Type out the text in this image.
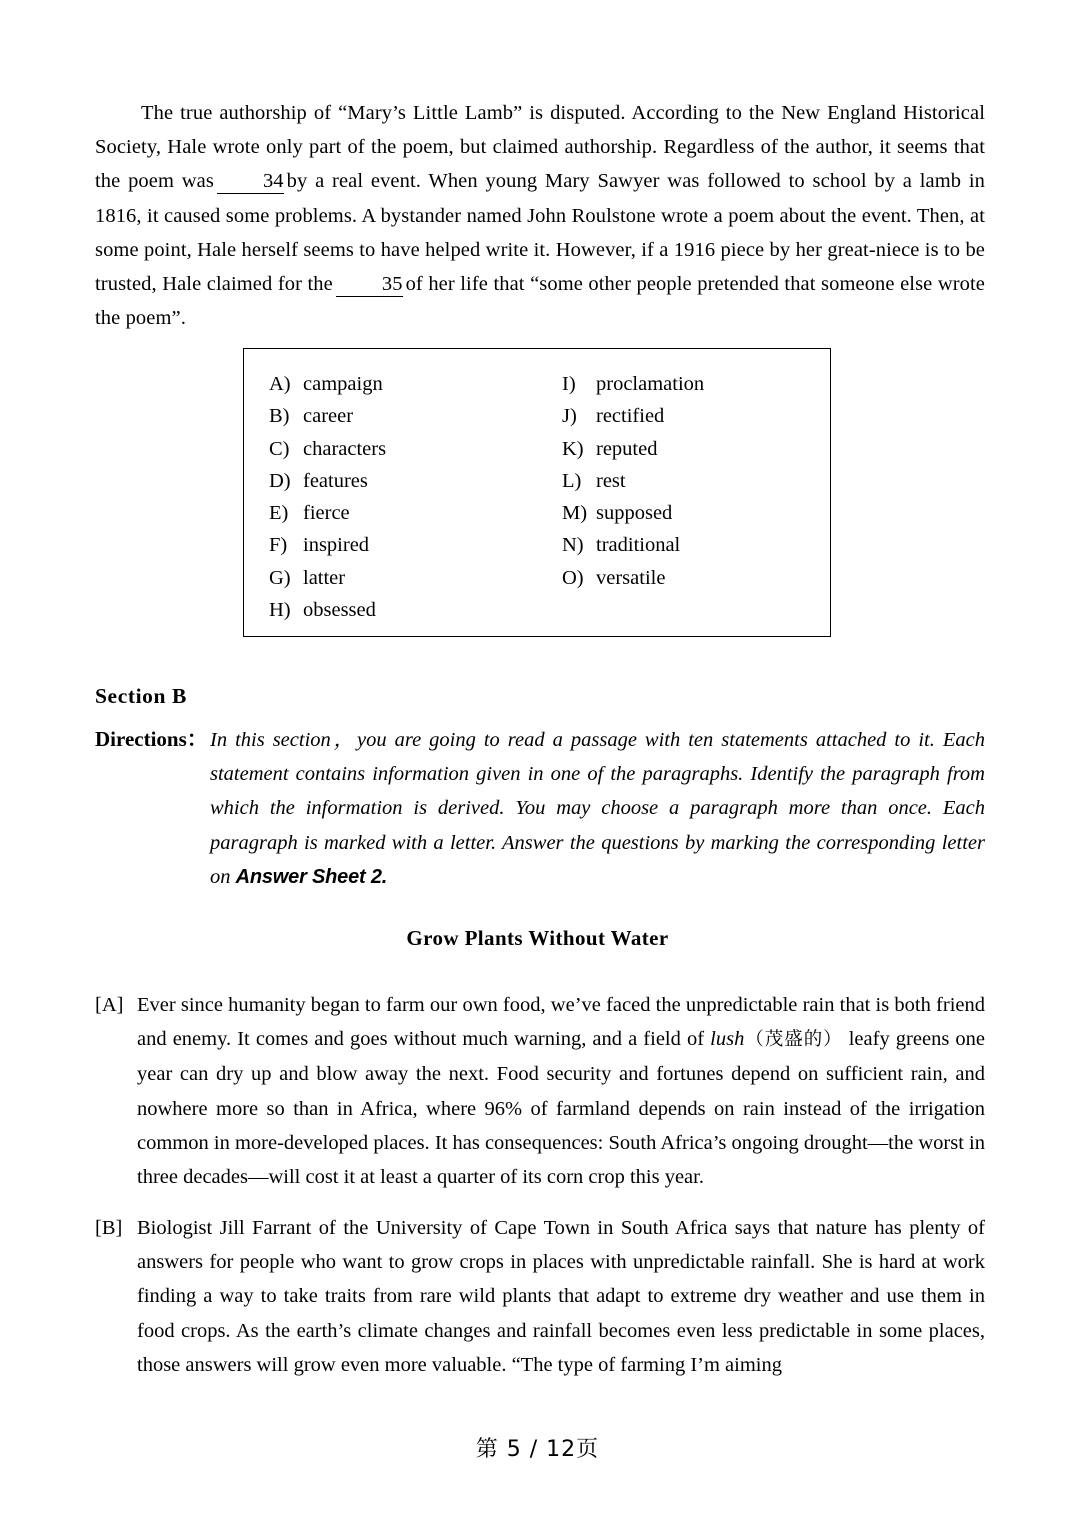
The true authorship of “Mary’s Little Lamb” is disputed. According to the New England Historical Society, Hale wrote only part of the poem, but claimed authorship. Regardless of the author, it seems that the poem was 34 by a real event. When young Mary Sawyer was followed to school by a lamb in 1816, it caused some problems. A bystander named John Roulstone wrote a poem about the event. Then, at some point, Hale herself seems to have helped write it. However, if a 1916 piece by her great-niece is to be trusted, Hale claimed for the 35 of her life that “some other people pretended that someone else wrote the poem”.
A) campaign
B) career
C) characters
D) features
E) fierce
F) inspired
G) latter
H) obsessed
I) proclamation
J) rectified
K) reputed
L) rest
M) supposed
N) traditional
O) versatile
Section B
Directions： In this section，you are going to read a passage with ten statements attached to it. Each statement contains information given in one of the paragraphs. Identify the paragraph from which the information is derived. You may choose a paragraph more than once. Each paragraph is marked with a letter. Answer the questions by marking the corresponding letter on Answer Sheet 2.
Grow Plants Without Water
[A] Ever since humanity began to farm our own food, we’ve faced the unpredictable rain that is both friend and enemy. It comes and goes without much warning, and a field of lush（茂盛的） leafy greens one year can dry up and blow away the next. Food security and fortunes depend on sufficient rain, and nowhere more so than in Africa, where 96% of farmland depends on rain instead of the irrigation common in more-developed places. It has consequences: South Africa’s ongoing drought—the worst in three decades—will cost it at least a quarter of its corn crop this year.
[B] Biologist Jill Farrant of the University of Cape Town in South Africa says that nature has plenty of answers for people who want to grow crops in places with unpredictable rainfall. She is hard at work finding a way to take traits from rare wild plants that adapt to extreme dry weather and use them in food crops. As the earth’s climate changes and rainfall becomes even less predictable in some places, those answers will grow even more valuable. “The type of farming I’m aiming
第 5 / 12页
